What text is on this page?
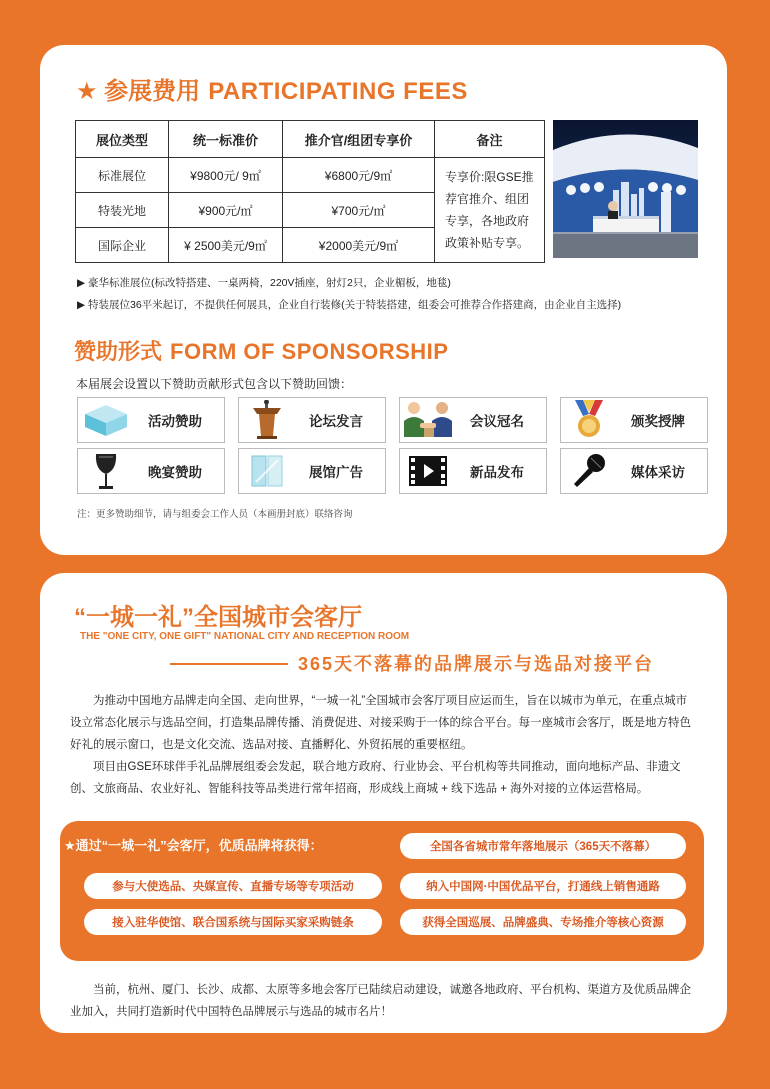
★ 参展费用 PARTICIPATING FEES
展位类型	统一标准价	推介官/组团专享价	备注
标准展位	¥9800元/ 9㎡	¥6800元/9㎡	专享价:限GSE推荐官推介、组团专享，各地政府政策补贴专享。
特装光地	¥900元/㎡	¥700元/㎡	
国际企业	¥ 2500美元/9㎡	¥2000美元/9㎡	
▶ 豪华标准展位(标改特搭建、一桌两椅，220V插座，射灯2只，企业楣板，地毯)
▶ 特装展位36平米起订，不提供任何展具，企业自行装修(关于特装搭建，组委会可推荐合作搭建商，由企业自主选择)
赞助形式 FORM OF SPONSORSHIP
本届展会设置以下赞助贡献形式包含以下赞助回馈：
活动赞助	论坛发言	会议冠名	颁奖授牌
晚宴赞助	展馆广告	新品发布	媒体采访
注：更多赞助细节，请与组委会工作人员（本画册封底）联络咨询
“一城一礼”全国城市会客厅
THE "ONE CITY, ONE GIFT" NATIONAL CITY AND RECEPTION ROOM
365天不落幕的品牌展示与选品对接平台
为推动中国地方品牌走向全国、走向世界，“一城一礼”全国城市会客厅项目应运而生，旨在以城市为单元，在重点城市设立常态化展示与选品空间，打造集品牌传播、消费促进、对接采购于一体的综合平台。每一座城市会客厅，既是地方特色好礼的展示窗口，也是文化交流、选品对接、直播孵化、外贸拓展的重要枢纽。
项目由GSE环球伴手礼品牌展组委会发起，联合地方政府、行业协会、平台机构等共同推动，面向地标产品、非遗文创、文旅商品、农业好礼、智能科技等品类进行常年招商，形成线上商城 + 线下选品 + 海外对接的立体运营格局。
★通过“一城一礼”会客厅，优质品牌将获得：	全国各省城市常年落地展示（365天不落幕）
参与大使选品、央媒宣传、直播专场等专项活动	纳入中国网·中国优品平台，打通线上销售通路
接入驻华使馆、联合国系统与国际买家采购链条	获得全国巡展、品牌盛典、专场推介等核心资源
当前，杭州、厦门、长沙、成都、太原等多地会客厅已陆续启动建设，诚邀各地政府、平台机构、渠道方及优质品牌企业加入，共同打造新时代中国特色品牌展示与选品的城市名片！
